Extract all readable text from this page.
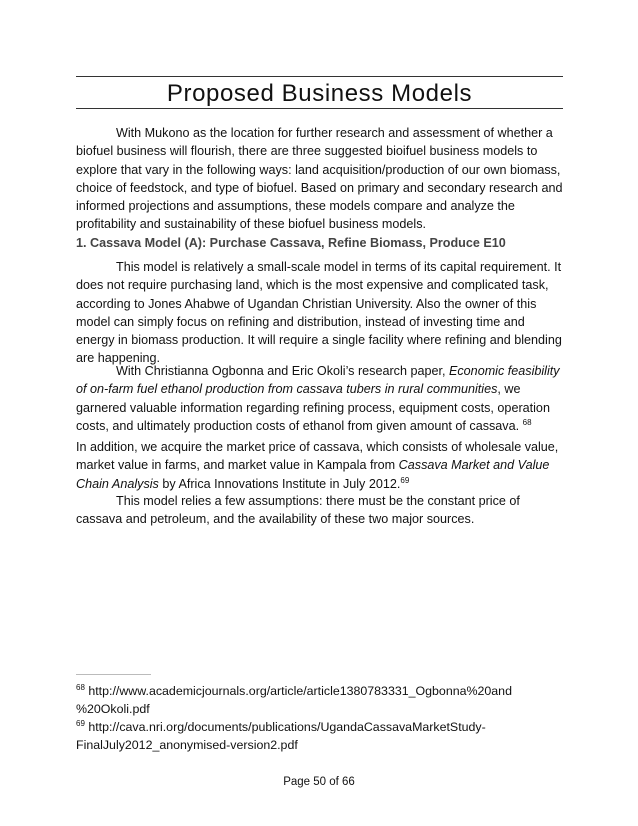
Proposed Business Models

With Mukono as the location for further research and assessment of whether a biofuel business will flourish, there are three suggested bioifuel business models to explore that vary in the following ways: land acquisition/production of our own biomass, choice of feedstock, and type of biofuel. Based on primary and secondary research and informed projections and assumptions, these models compare and analyze the profitability and sustainability of these biofuel business models.

1. Cassava Model (A): Purchase Cassava, Refine Biomass, Produce E10

This model is relatively a small-scale model in terms of its capital requirement. It does not require purchasing land, which is the most expensive and complicated task, according to Jones Ahabwe of Ugandan Christian University. Also the owner of this model can simply focus on refining and distribution, instead of investing time and energy in biomass production. It will require a single facility where refining and blending are happening.

With Christianna Ogbonna and Eric Okoli’s research paper, Economic feasibility of on-farm fuel ethanol production from cassava tubers in rural communities, we garnered valuable information regarding refining process, equipment costs, operation costs, and ultimately production costs of ethanol from given amount of cassava. $^{68}$

In addition, we acquire the market price of cassava, which consists of wholesale value, market value in farms, and market value in Kampala from Cassava Market and Value Chain Analysis by Africa Innovations Institute in July 2012.69

This model relies a few assumptions: there must be the constant price of cassava and petroleum, and the availability of these two major sources.

$^{68}$ http://www.academicjournals.org/article/article1380783331_Ogbonna%20and %20Okoli.pdf
$^{69}$ http://cava.nri.org/documents/publications/UgandaCassavaMarketStudy-FinalJuly2012_anonymised-version2.pdf
Page 50 of 66
